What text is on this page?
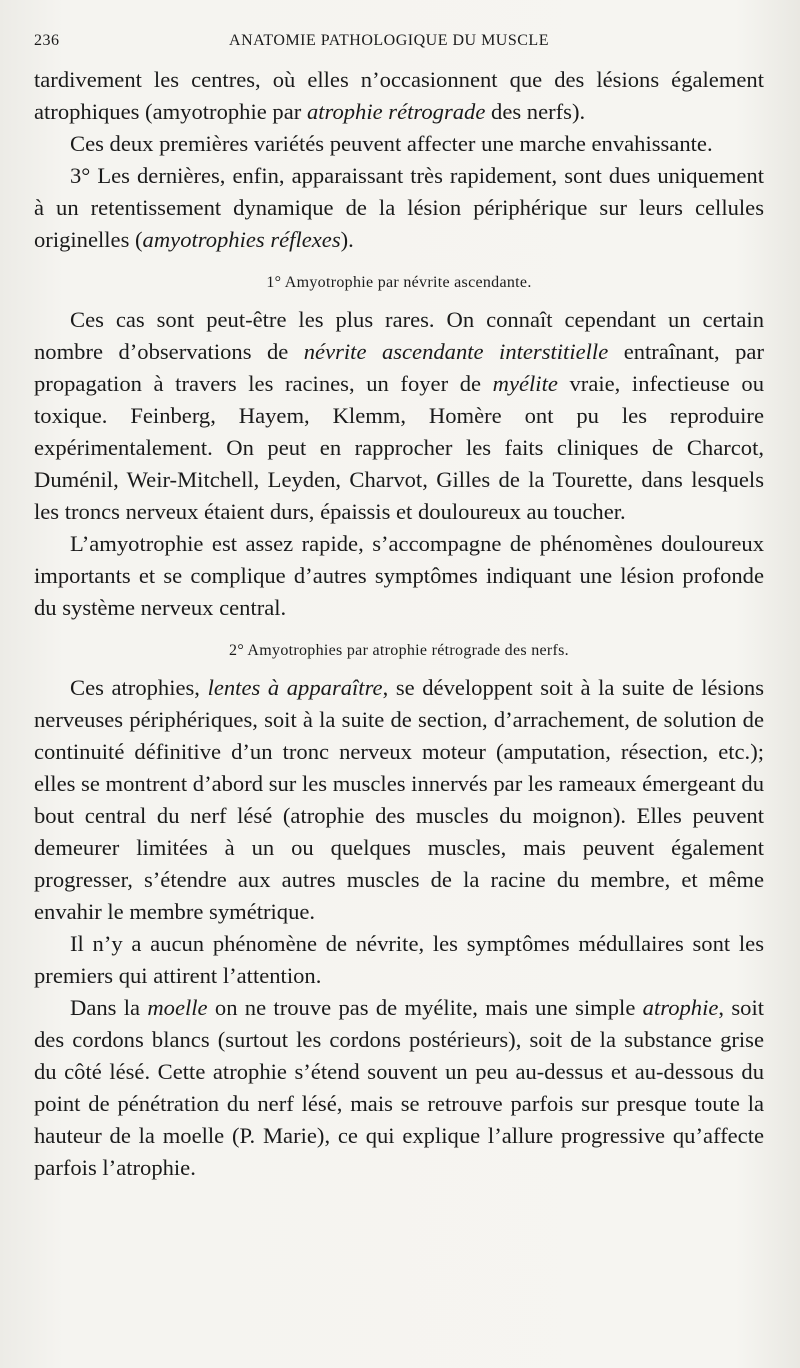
236	ANATOMIE PATHOLOGIQUE DU MUSCLE

tardivement les centres, où elles n’occasionnent que des lésions également atrophiques (amyotrophie par atrophie rétrograde des nerfs).

Ces deux premières variétés peuvent affecter une marche envahissante.

3° Les dernières, enfin, apparaissant très rapidement, sont dues uniquement à un retentissement dynamique de la lésion périphérique sur leurs cellules originelles (amyotrophies réflexes).

1° Amyotrophie par névrite ascendante.

Ces cas sont peut-être les plus rares. On connaît cependant un certain nombre d’observations de névrite ascendante interstitielle entraînant, par propagation à travers les racines, un foyer de myélite vraie, infectieuse ou toxique. Feinberg, Hayem, Klemm, Homère ont pu les reproduire expérimentalement. On peut en rapprocher les faits cliniques de Charcot, Duménil, Weir-Mitchell, Leyden, Charvot, Gilles de la Tourette, dans lesquels les troncs nerveux étaient durs, épaissis et douloureux au toucher.

L’amyotrophie est assez rapide, s’accompagne de phénomènes douloureux importants et se complique d’autres symptômes indiquant une lésion profonde du système nerveux central.

2° Amyotrophies par atrophie rétrograde des nerfs.

Ces atrophies, lentes à apparaître, se développent soit à la suite de lésions nerveuses périphériques, soit à la suite de section, d’arrachement, de solution de continuité définitive d’un tronc nerveux moteur (amputation, résection, etc.); elles se montrent d’abord sur les muscles innervés par les rameaux émergeant du bout central du nerf lésé (atrophie des muscles du moignon). Elles peuvent demeurer limitées à un ou quelques muscles, mais peuvent également progresser, s’étendre aux autres muscles de la racine du membre, et même envahir le membre symétrique.

Il n’y a aucun phénomène de névrite, les symptômes médullaires sont les premiers qui attirent l’attention.

Dans la moelle on ne trouve pas de myélite, mais une simple atrophie, soit des cordons blancs (surtout les cordons postérieurs), soit de la substance grise du côté lésé. Cette atrophie s’étend souvent un peu au-dessus et au-dessous du point de pénétration du nerf lésé, mais se retrouve parfois sur presque toute la hauteur de la moelle (P. Marie), ce qui explique l’allure progressive qu’affecte parfois l’atrophie.
